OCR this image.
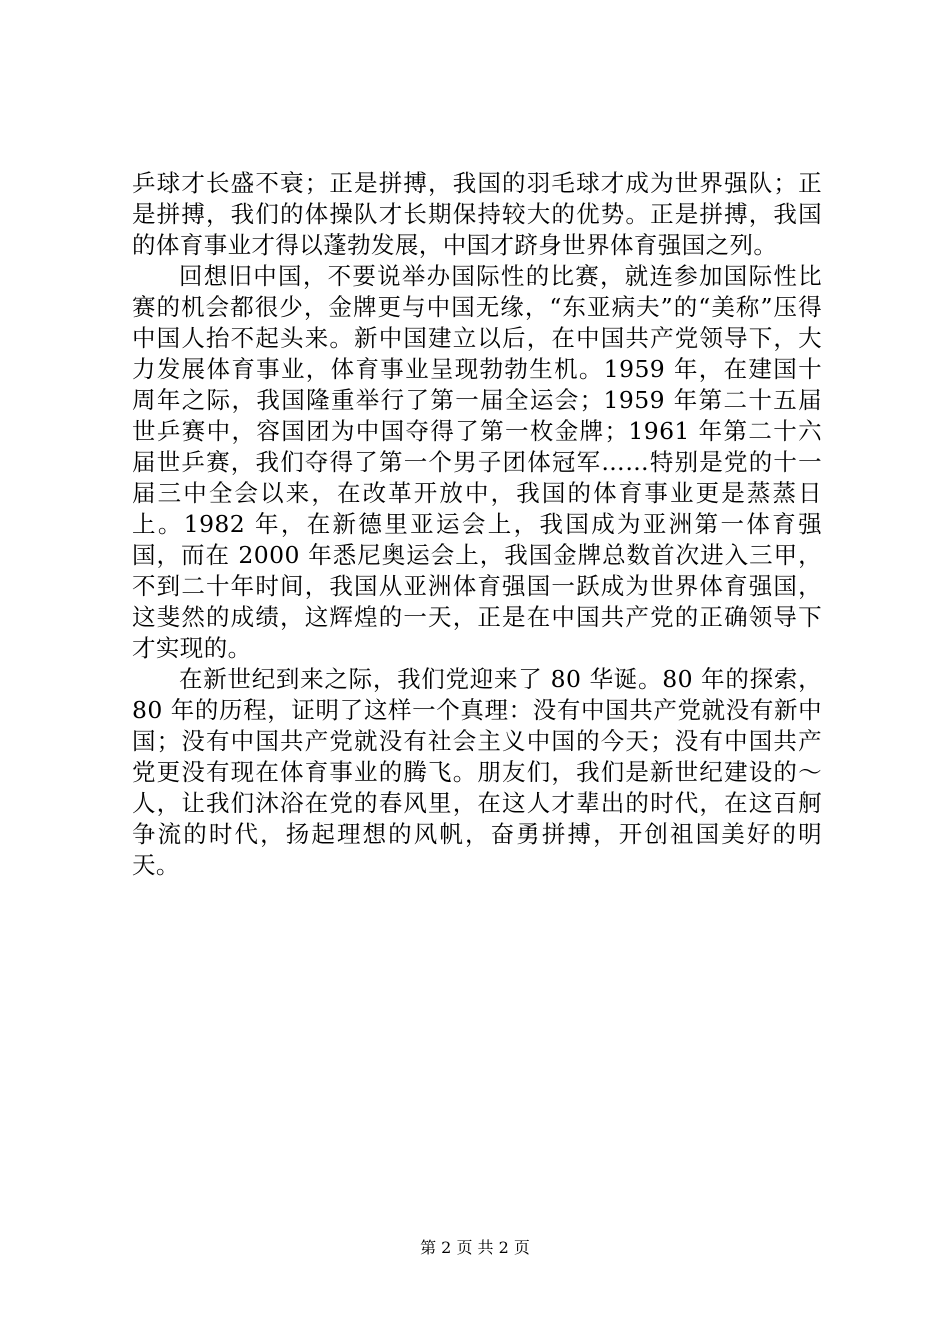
乒球才长盛不衰；正是拼搏，我国的羽毛球才成为世界强队；正是拼搏，我们的体操队才长期保持较大的优势。正是拼搏，我国的体育事业才得以蓬勃发展，中国才跻身世界体育强国之列。

回想旧中国，不要说举办国际性的比赛，就连参加国际性比赛的机会都很少，金牌更与中国无缘，“东亚病夫”的“美称”压得中国人抬不起头来。新中国建立以后，在中国共产党领导下，大力发展体育事业，体育事业呈现勃勃生机。1959 年，在建国十周年之际，我国隆重举行了第一届全运会；1959 年第二十五届世乒赛中，容国团为中国夺得了第一枚金牌；1961 年第二十六届世乒赛，我们夺得了第一个男子团体冠军……特别是党的十一届三中全会以来，在改革开放中，我国的体育事业更是蒸蒸日上。1982 年，在新德里亚运会上，我国成为亚洲第一体育强国，而在 2000 年悉尼奥运会上，我国金牌总数首次进入三甲，不到二十年时间，我国从亚洲体育强国一跃成为世界体育强国，这斐然的成绩，这辉煌的一天，正是在中国共产党的正确领导下才实现的。

在新世纪到来之际，我们党迎来了 80 华诞。80 年的探索，80 年的历程，证明了这样一个真理：没有中国共产党就没有新中国；没有中国共产党就没有社会主义中国的今天；没有中国共产党更没有现在体育事业的腾飞。朋友们，我们是新世纪建设的～人，让我们沐浴在党的春风里，在这人才辈出的时代，在这百舸争流的时代，扬起理想的风帆，奋勇拼搏，开创祖国美好的明天。

第 2 页 共 2 页
